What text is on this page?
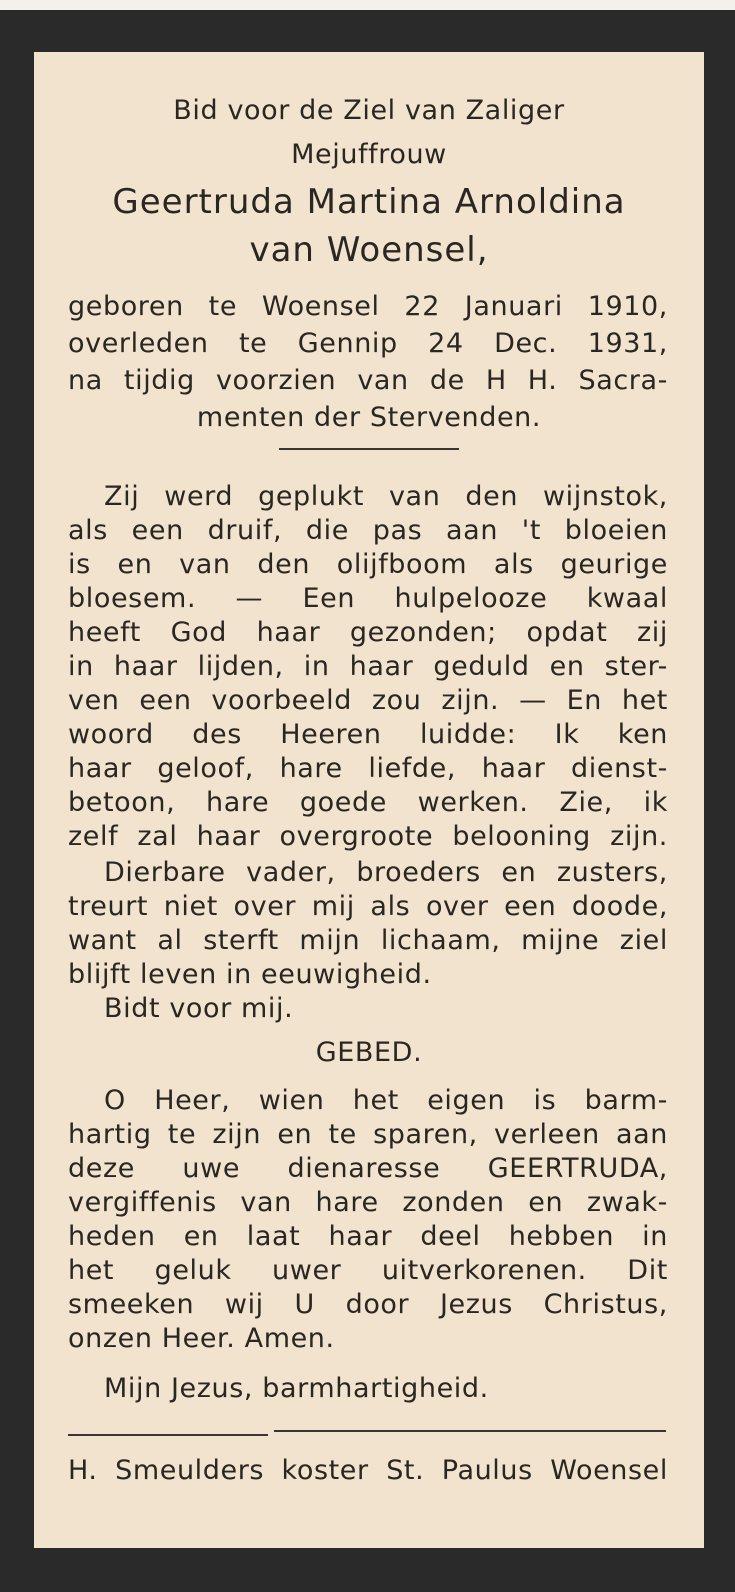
Bid voor de Ziel van Zaliger
Mejuffrouw
Geertruda Martina Arnoldina
van Woensel,
geboren te Woensel 22 Januari 1910,
overleden te Gennip 24 Dec. 1931,
na tijdig voorzien van de H H. Sacra-
menten der Stervenden.
Zij werd geplukt van den wijnstok,
als een druif, die pas aan 't bloeien
is en van den olijfboom als geurige
bloesem. — Een hulpelooze kwaal
heeft God haar gezonden; opdat zij
in haar lijden, in haar geduld en ster-
ven een voorbeeld zou zijn. — En het
woord des Heeren luidde: Ik ken
haar geloof, hare liefde, haar dienst-
betoon, hare goede werken. Zie, ik
zelf zal haar overgroote belooning zijn.
Dierbare vader, broeders en zusters,
treurt niet over mij als over een doode,
want al sterft mijn lichaam, mijne ziel
blijft leven in eeuwigheid.
Bidt voor mij.
GEBED.
O Heer, wien het eigen is barm-
hartig te zijn en te sparen, verleen aan
deze uwe dienaresse GEERTRUDA,
vergiffenis van hare zonden en zwak-
heden en laat haar deel hebben in
het geluk uwer uitverkorenen. Dit
smeeken wij U door Jezus Christus,
onzen Heer. Amen.
Mijn Jezus, barmhartigheid.
H. Smeulders koster St. Paulus Woensel
